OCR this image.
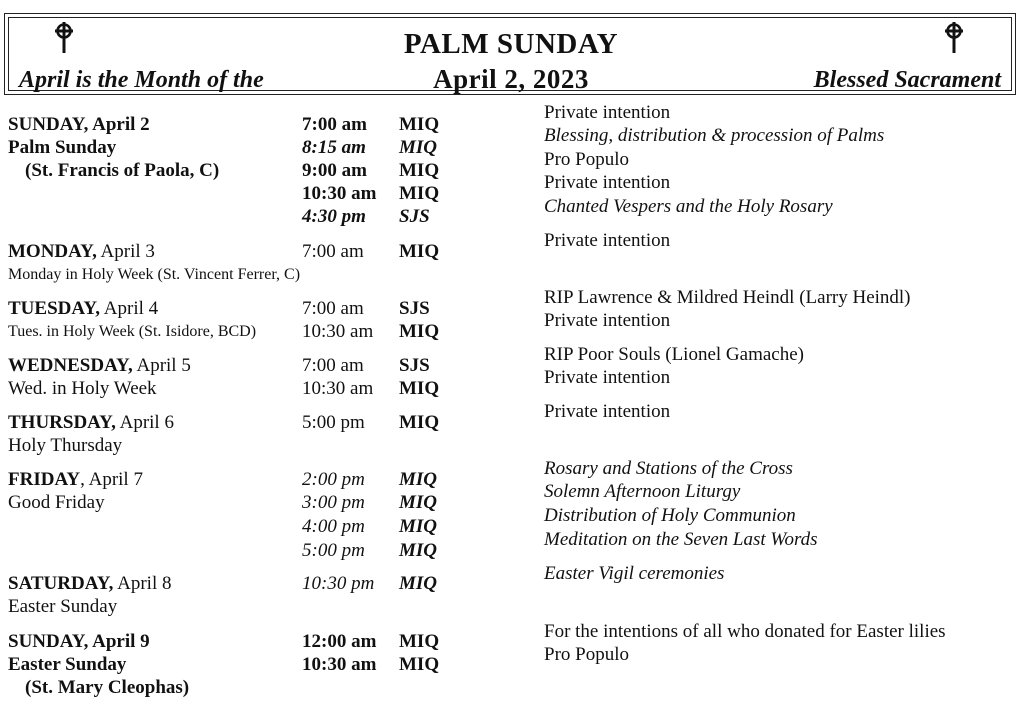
PALM SUNDAY
April 2, 2023
April is the Month of the	Blessed Sacrament
SUNDAY, April 2
Palm Sunday
(St. Francis of Paola, C)
7:00 am MIQ
8:15 am MIQ
9:00 am MIQ
10:30 am MIQ
4:30 pm SJS
Private intention
Blessing, distribution & procession of Palms
Pro Populo
Private intention
Chanted Vespers and the Holy Rosary
MONDAY, April 3
Monday in Holy Week (St. Vincent Ferrer, C)
7:00 am MIQ
Private intention
TUESDAY, April 4
Tues. in Holy Week (St. Isidore, BCD)
7:00 am SJS
10:30 am MIQ
RIP Lawrence & Mildred Heindl (Larry Heindl)
Private intention
WEDNESDAY, April 5
Wed. in Holy Week
7:00 am SJS
10:30 am MIQ
RIP Poor Souls (Lionel Gamache)
Private intention
THURSDAY, April 6
Holy Thursday
5:00 pm MIQ
Private intention
FRIDAY, April 7
Good Friday
2:00 pm MIQ
3:00 pm MIQ
4:00 pm MIQ
5:00 pm MIQ
Rosary and Stations of the Cross
Solemn Afternoon Liturgy
Distribution of Holy Communion
Meditation on the Seven Last Words
SATURDAY, April 8
Easter Sunday
10:30 pm MIQ	Easter Vigil ceremonies
SUNDAY, April 9
Easter Sunday
(St. Mary Cleophas)
12:00 am MIQ
10:30 am MIQ
For the intentions of all who donated for Easter lilies
Pro Populo
